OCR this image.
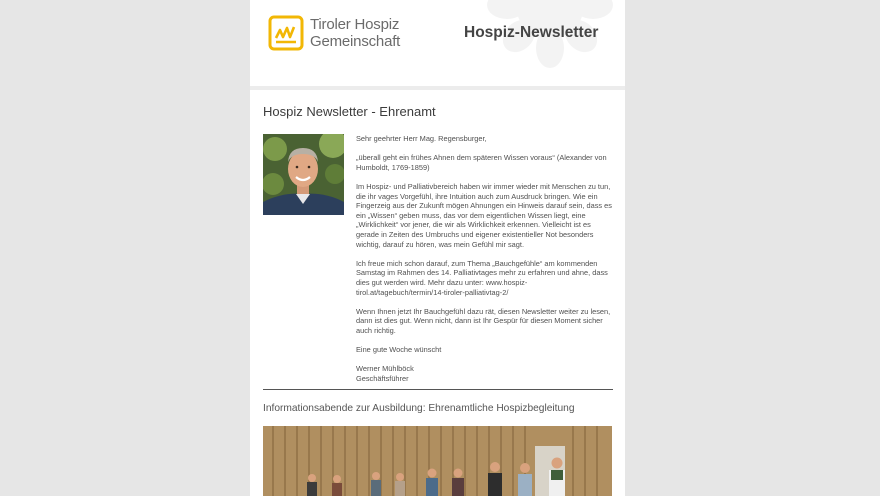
Tiroler Hospiz
Gemeinschaft
Hospiz-Newsletter
Hospiz Newsletter - Ehrenamt

Sehr geehrter Herr Mag. Regensburger,

„überall geht ein frühes Ahnen dem späteren Wissen voraus“ (Alexander von Humboldt, 1769-1859)

Im Hospiz- und Palliativbereich haben wir immer wieder mit Menschen zu tun, die ihr vages Vorgefühl, ihre Intuition auch zum Ausdruck bringen. Wie ein Fingerzeig aus der Zukunft mögen Ahnungen ein Hinweis darauf sein, dass es ein „Wissen“ geben muss, das vor dem eigentlichen Wissen liegt, eine „Wirklichkeit“ vor jener, die wir als Wirklichkeit erkennen. Vielleicht ist es gerade in Zeiten des Umbruchs und eigener existentieller Not besonders wichtig, darauf zu hören, was mein Gefühl mir sagt.

Ich freue mich schon darauf, zum Thema „Bauchgefühle“ am kommenden Samstag im Rahmen des 14. Palliativtages mehr zu erfahren und ahne, dass dies gut werden wird. Mehr dazu unter: www.hospiz-tirol.at/tagebuch/termin/14-tiroler-palliativtag-2/

Wenn Ihnen jetzt Ihr Bauchgefühl dazu rät, diesen Newsletter weiter zu lesen, dann ist dies gut. Wenn nicht, dann ist Ihr Gespür für diesen Moment sicher auch richtig.

Eine gute Woche wünscht

Werner Mühlböck

Geschäftsführer

Informationsabende zur Ausbildung: Ehrenamtliche Hospizbegleitung
